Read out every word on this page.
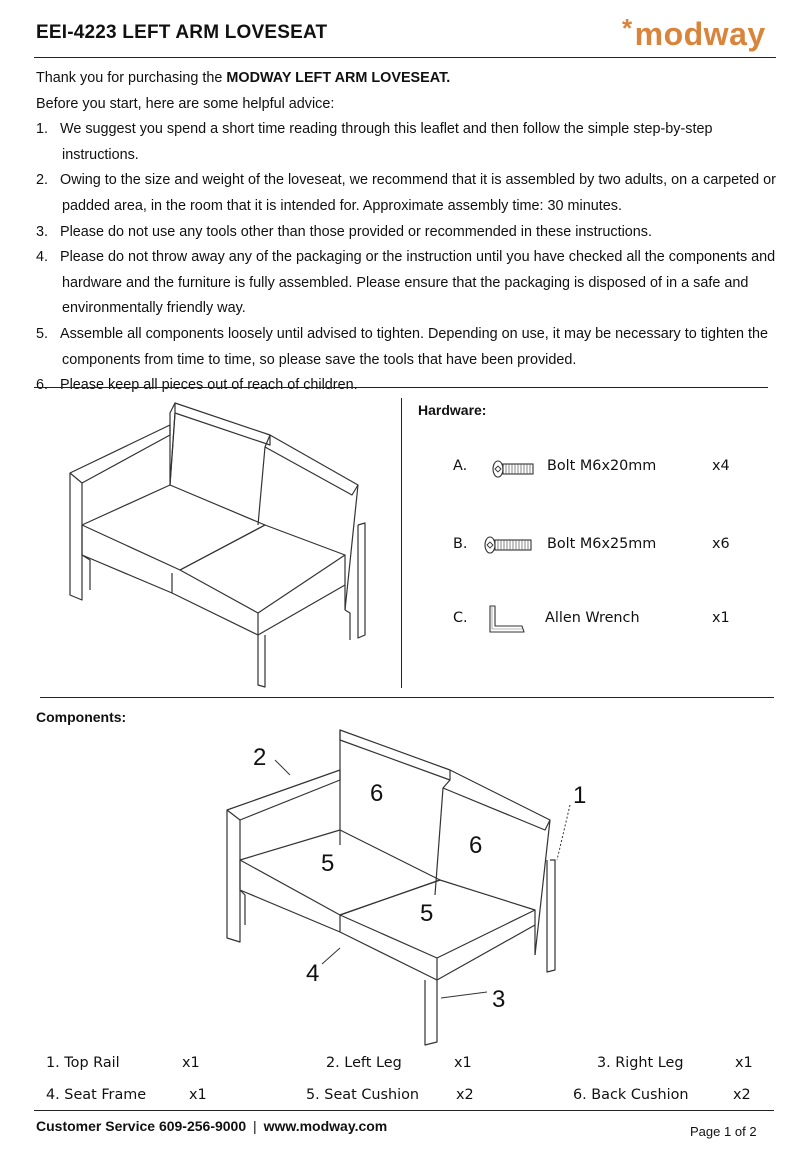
EEI-4223 LEFT ARM LOVESEAT	*modway

Thank you for purchasing the MODWAY LEFT ARM LOVESEAT.

Before you start, here are some helpful advice:

1. We suggest you spend a short time reading through this leaflet and then follow the simple step-by-step instructions.
2. Owing to the size and weight of the loveseat, we recommend that it is assembled by two adults, on a carpeted or padded area, in the room that it is intended for. Approximate assembly time: 30 minutes.
3. Please do not use any tools other than those provided or recommended in these instructions.
4. Please do not throw away any of the packaging or the instruction until you have checked all the components and hardware and the furniture is fully assembled. Please ensure that the packaging is disposed of in a safe and environmentally friendly way.
5. Assemble all components loosely until advised to tighten. Depending on use, it may be necessary to tighten the components from time to time, so please save the tools that have been provided.
6. Please keep all pieces out of reach of children.
Hardware:
A.	Bolt M6x20mm	x4
B.	Bolt M6x25mm	x6
C.	Allen Wrench	x1
Components:
1
2
3
4
5
5
6
6
1. Top Rail	x1	2. Left Leg	x1	3. Right Leg	x1
4. Seat Frame	x1	5. Seat Cushion	x2	6. Back Cushion	x2
Customer Service 609-256-9000 | www.modway.com	Page 1 of 2
